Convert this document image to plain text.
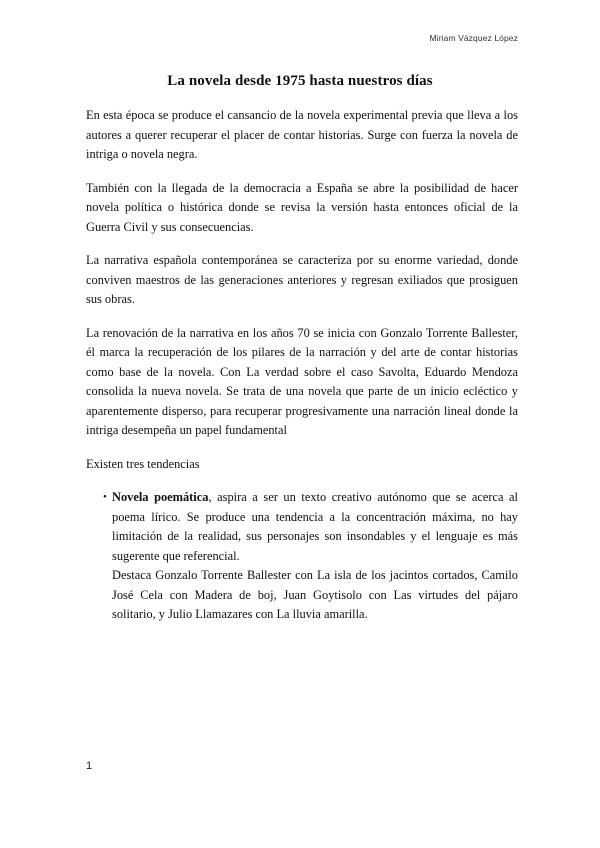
Miriam Vázquez López
La novela desde 1975 hasta nuestros días

En esta época se produce el cansancio de la novela experimental previa que lleva a los autores a querer recuperar el placer de contar historias. Surge con fuerza la novela de intriga o novela negra.

También con la llegada de la democracia a España se abre la posibilidad de hacer novela política o histórica donde se revisa la versión hasta entonces oficial de la Guerra Civil y sus consecuencias.

La narrativa española contemporánea se caracteriza por su enorme variedad, donde conviven maestros de las generaciones anteriores y regresan exiliados que prosiguen sus obras.

La renovación de la narrativa en los años 70 se inicia con Gonzalo Torrente Ballester, él marca la recuperación de los pilares de la narración y del arte de contar historias como base de la novela. Con La verdad sobre el caso Savolta, Eduardo Mendoza consolida la nueva novela. Se trata de una novela que parte de un inicio ecléctico y aparentemente disperso, para recuperar progresivamente una narración lineal donde la intriga desempeña un papel fundamental

Existen tres tendencias

• Novela poemática, aspira a ser un texto creativo autónomo que se acerca al poema lírico. Se produce una tendencia a la concentración máxima, no hay limitación de la realidad, sus personajes son insondables y el lenguaje es más sugerente que referencial.

Destaca Gonzalo Torrente Ballester con La isla de los jacintos cortados, Camilo José Cela con Madera de boj, Juan Goytisolo con Las virtudes del pájaro solitario, y Julio Llamazares con La lluvia amarilla.

1
